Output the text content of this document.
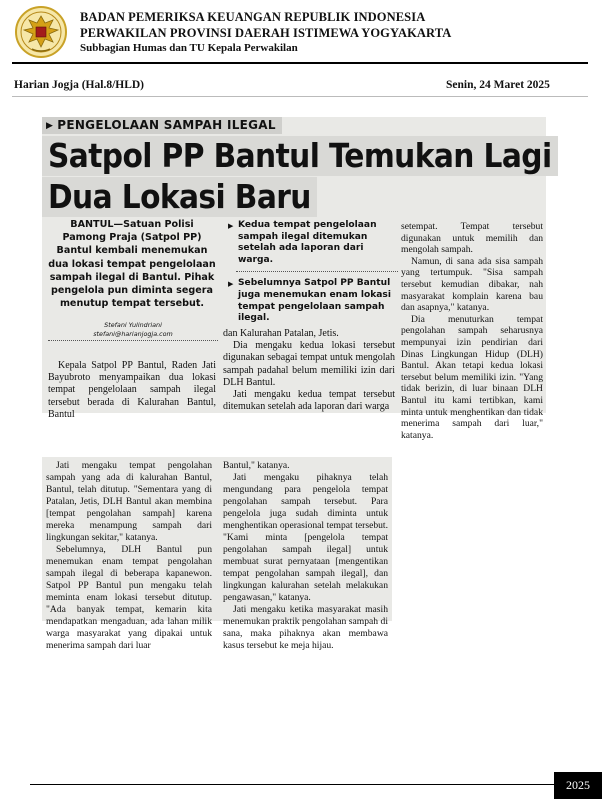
BADAN PEMERIKSA KEUANGAN REPUBLIK INDONESIA
PERWAKILAN PROVINSI DAERAH ISTIMEWA YOGYAKARTA
Subbagian Humas dan TU Kepala Perwakilan
Harian Jogja (Hal.8/HLD)	Senin, 24 Maret 2025
▶ PENGELOLAAN SAMPAH ILEGAL
Satpol PP Bantul Temukan Lagi
Dua Lokasi Baru
BANTUL—Satuan Polisi Pamong Praja (Satpol PP) Bantul kembali menemukan dua lokasi tempat pengelolaan sampah ilegal di Bantul. Pihak pengelola pun diminta segera menutup tempat tersebut.
Stefani Yulindriani
stefani@harianjogja.com
▶ Kedua tempat pengelolaan sampah ilegal ditemukan setelah ada laporan dari warga.
▶ Sebelumnya Satpol PP Bantul juga menemukan enam lokasi tempat pengelolaan sampah ilegal.

Kepala Satpol PP Bantul, Raden Jati Bayubroto menyampaikan dua lokasi tempat pengelolaan sampah ilegal tersebut berada di Kalurahan Bantul, Bantul

dan Kalurahan Patalan, Jetis.

Dia mengaku kedua lokasi tersebut digunakan sebagai tempat untuk mengolah sampah padahal belum memiliki izin dari DLH Bantul.

Jati mengaku kedua tempat tersebut ditemukan setelah ada laporan dari warga

setempat. Tempat tersebut digunakan untuk memilih dan mengolah sampah.

Namun, di sana ada sisa sampah yang tertumpuk. "Sisa sampah tersebut kemudian dibakar, nah masyarakat komplain karena bau dan asapnya," katanya.

Dia menuturkan tempat pengolahan sampah seharusnya mempunyai izin pendirian dari Dinas Lingkungan Hidup (DLH) Bantul. Akan tetapi kedua lokasi tersebut belum memiliki izin. "Yang tidak berizin, di luar binaan DLH Bantul itu kami tertibkan, kami minta untuk menghentikan dan tidak menerima sampah dari luar," katanya.

Jati mengaku tempat pengolahan sampah yang ada di kalurahan Bantul, Bantul, telah ditutup. "Sementara yang di Patalan, Jetis, DLH Bantul akan membina [tempat pengolahan sampah] karena mereka menampung sampah dari lingkungan sekitar," katanya.

Sebelumnya, DLH Bantul pun menemukan enam tempat pengolahan sampah ilegal di beberapa kapanewon. Satpol PP Bantul pun mengaku telah meminta enam lokasi tersebut ditutup. "Ada banyak tempat, kemarin kita mendapatkan mengaduan, ada lahan milik warga masyarakat yang dipakai untuk menerima sampah dari luar

Bantul," katanya.

Jati mengaku pihaknya telah mengundang para pengelola tempat pengolahan sampah tersebut. Para pengelola juga sudah diminta untuk menghentikan operasional tempat tersebut. "Kami minta [pengelola tempat pengolahan sampah ilegal] untuk membuat surat pernyataan [mengentikan tempat pengolahan sampah ilegal], dan lingkungan kalurahan setelah melakukan pengawasan," katanya.

Jati mengaku ketika masyarakat masih menemukan praktik pengolahan sampah di sana, maka pihaknya akan membawa kasus tersebut ke meja hijau.

2025
